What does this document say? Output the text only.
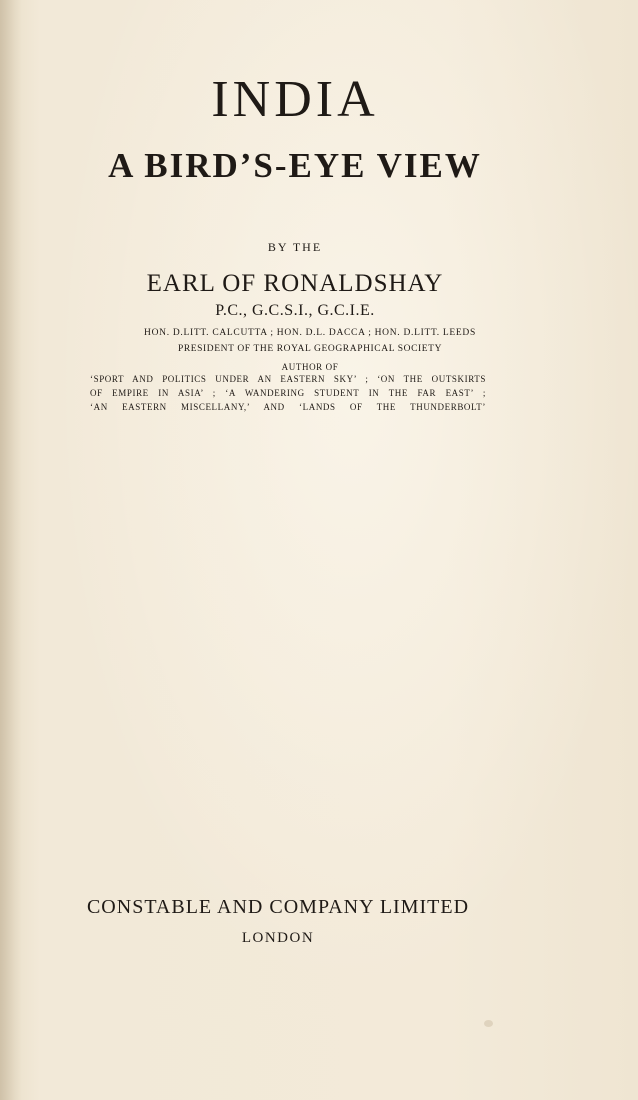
INDIA
A BIRD’S-EYE VIEW

BY THE

EARL OF RONALDSHAY

P.C., G.C.S.I., G.C.I.E.

HON. D.LITT. CALCUTTA ; HON. D.L. DACCA ; HON. D.LITT. LEEDS

PRESIDENT OF THE ROYAL GEOGRAPHICAL SOCIETY

AUTHOR OF

‘SPORT AND POLITICS UNDER AN EASTERN SKY’ ; ‘ON THE OUTSKIRTS
OF EMPIRE IN ASIA’ ; ‘A WANDERING STUDENT IN THE FAR EAST’ ;
‘AN EASTERN MISCELLANY,’ AND ‘LANDS OF THE THUNDERBOLT’

CONSTABLE AND COMPANY LIMITED

LONDON
